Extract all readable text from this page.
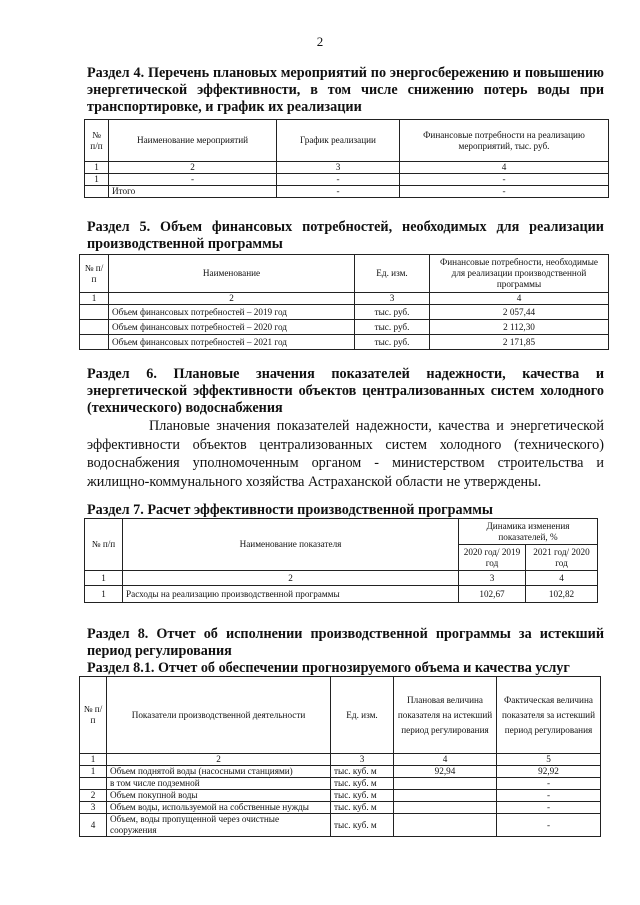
2

Раздел 4. Перечень плановых мероприятий по энергосбережению и повышению энергетической эффективности, в том числе снижению потерь воды при транспортировке, и график их реализации

№ п/п	Наименование мероприятий	График реализации	Финансовые потребности на реализацию мероприятий, тыс. руб.
1	2	3	4
1	-	-	-
	Итого	-	-

Раздел 5. Объем финансовых потребностей, необходимых для реализации производственной программы

№ п/п	Наименование	Ед. изм.	Финансовые потребности, необходимые для реализации производственной программы
1	2	3	4
	Объем финансовых потребностей – 2019 год	тыс. руб.	2 057,44
	Объем финансовых потребностей – 2020 год	тыс. руб.	2 112,30
	Объем финансовых потребностей – 2021 год	тыс. руб.	2 171,85

Раздел 6. Плановые значения показателей надежности, качества и энергетической эффективности объектов централизованных систем холодного (технического) водоснабжения

Плановые значения показателей надежности, качества и энергетической эффективности объектов централизованных систем холодного (технического) водоснабжения уполномоченным органом - министерством строительства и жилищно-коммунального хозяйства Астраханской области не утверждены.

Раздел 7. Расчет эффективности производственной программы

№ п/п	Наименование показателя	Динамика изменения показателей, %	
		2020 год/ 2019 год	2021 год/ 2020 год
1	2	3	4
1	Расходы на реализацию производственной программы	102,67	102,82

Раздел 8. Отчет об исполнении производственной программы за истекший период регулирования

Раздел 8.1. Отчет об обеспечении прогнозируемого объема и качества услуг

№ п/п	Показатели производственной деятельности	Ед. изм.	Плановая величина показателя на истекший период регулирования	Фактическая величина показателя за истекший период регулирования
1	2	3	4	5
1	Объем поднятой воды (насосными станциями)	тыс. куб. м	92,94	92,92
	в том числе подземной	тыс. куб. м		-
2	Объем покупной воды	тыс. куб. м		-
3	Объем воды, используемой на собственные нужды	тыс. куб. м		-
4	Объем, воды пропущенной через очистные сооружения	тыс. куб. м		-
